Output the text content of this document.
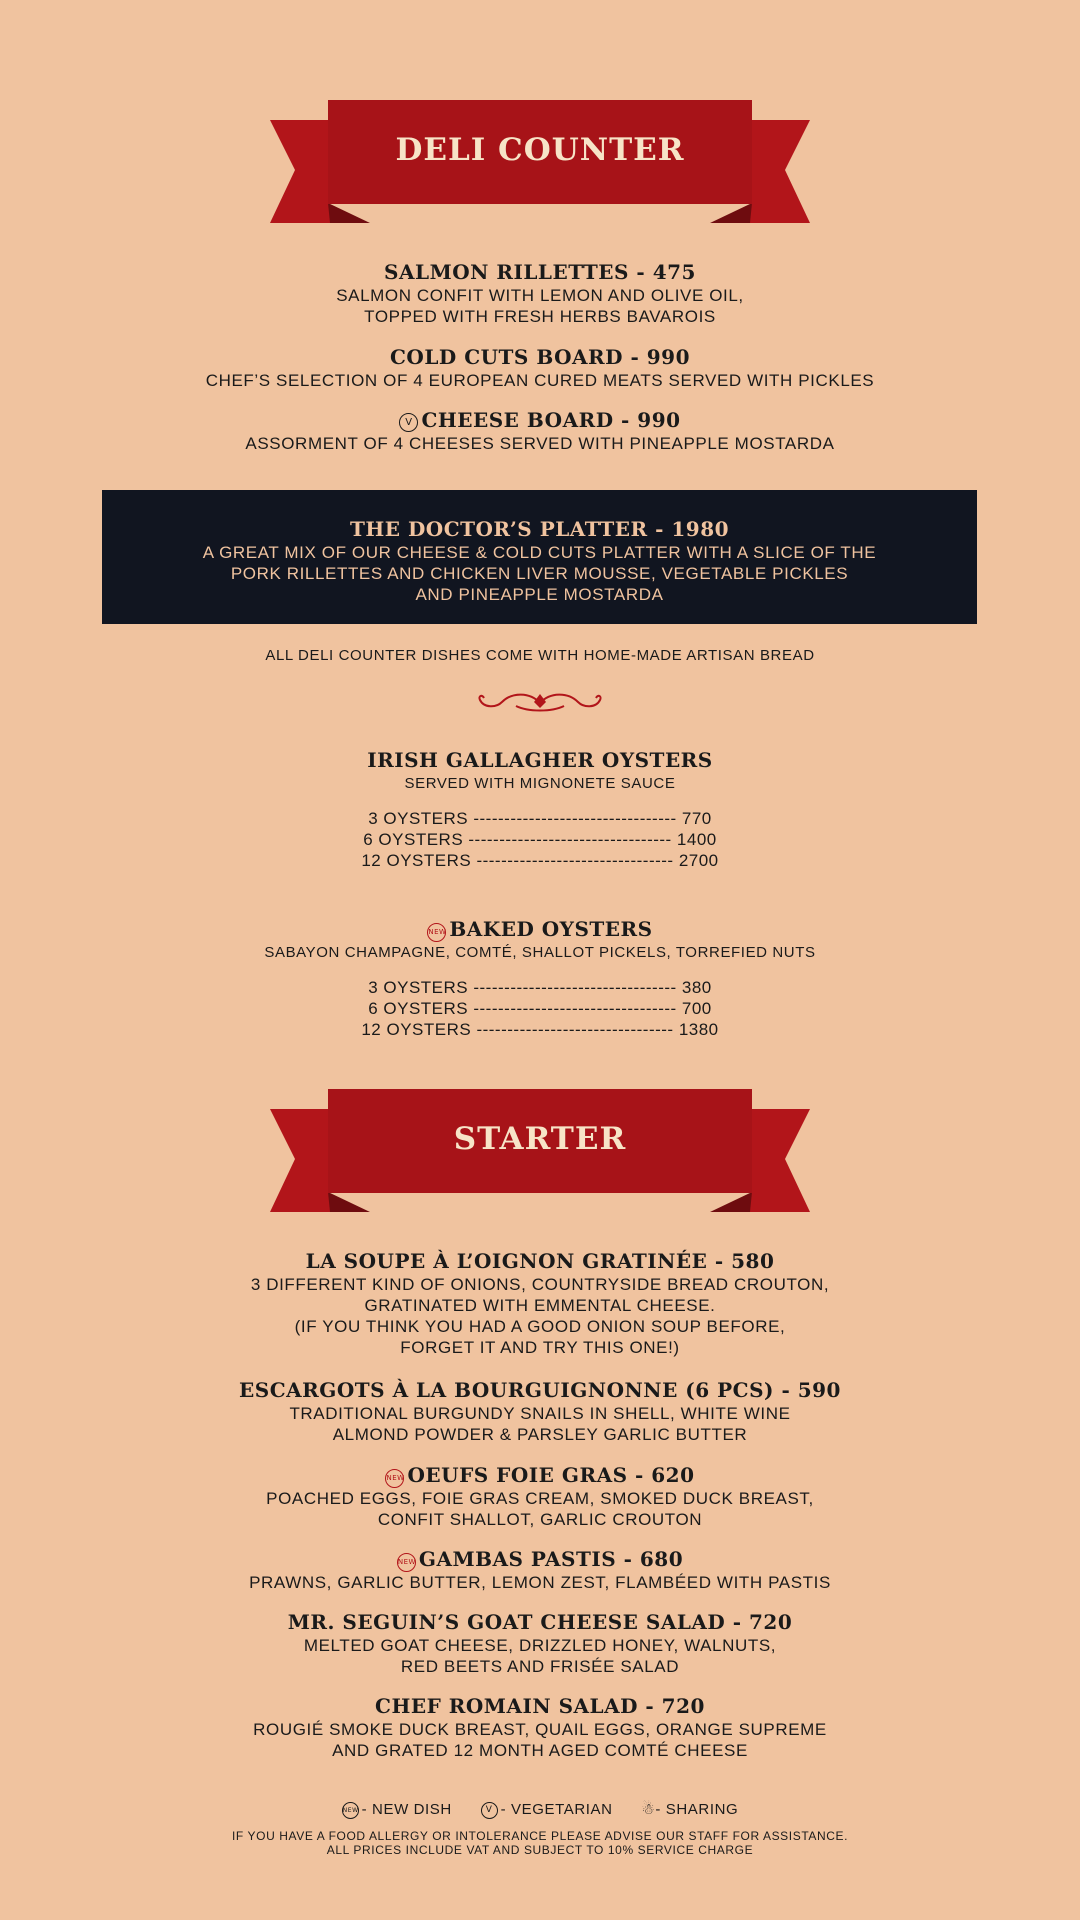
DELI COUNTER
SALMON RILLETTES - 475
SALMON CONFIT WITH LEMON AND OLIVE OIL,
TOPPED WITH FRESH HERBS BAVAROIS
COLD CUTS BOARD - 990
CHEF’S SELECTION OF 4 EUROPEAN CURED MEATS SERVED WITH PICKLES
V CHEESE BOARD - 990
ASSORMENT OF 4 CHEESES SERVED WITH PINEAPPLE MOSTARDA
THE DOCTOR’S PLATTER - 1980
A GREAT MIX OF OUR CHEESE & COLD CUTS PLATTER WITH A SLICE OF THE
PORK RILLETTES AND CHICKEN LIVER MOUSSE, VEGETABLE PICKLES
AND PINEAPPLE MOSTARDA
ALL DELI COUNTER DISHES COME WITH HOME-MADE ARTISAN BREAD
IRISH GALLAGHER OYSTERS
SERVED WITH MIGNONETE SAUCE
3 OYSTERS --------------------------------- 770
6 OYSTERS --------------------------------- 1400
12 OYSTERS -------------------------------- 2700
NEW BAKED OYSTERS
SABAYON CHAMPAGNE, COMTÉ, SHALLOT PICKELS, TORREFIED NUTS
3 OYSTERS --------------------------------- 380
6 OYSTERS --------------------------------- 700
12 OYSTERS -------------------------------- 1380
STARTER
LA SOUPE À L’OIGNON GRATINÉE - 580
3 DIFFERENT KIND OF ONIONS, COUNTRYSIDE BREAD CROUTON,
GRATINATED WITH EMMENTAL CHEESE.
(IF YOU THINK YOU HAD A GOOD ONION SOUP BEFORE,
FORGET IT AND TRY THIS ONE!)
ESCARGOTS À LA BOURGUIGNONNE (6 PCS) - 590
TRADITIONAL BURGUNDY SNAILS IN SHELL, WHITE WINE
ALMOND POWDER & PARSLEY GARLIC BUTTER
NEW OEUFS FOIE GRAS - 620
POACHED EGGS, FOIE GRAS CREAM, SMOKED DUCK BREAST,
CONFIT SHALLOT, GARLIC CROUTON
NEW GAMBAS PASTIS - 680
PRAWNS, GARLIC BUTTER, LEMON ZEST, FLAMBÉED WITH PASTIS
MR. SEGUIN’S GOAT CHEESE SALAD - 720
MELTED GOAT CHEESE, DRIZZLED HONEY, WALNUTS,
RED BEETS AND FRISÉE SALAD
CHEF ROMAIN SALAD - 720
ROUGIÉ SMOKE DUCK BREAST, QUAIL EGGS, ORANGE SUPREME
AND GRATED 12 MONTH AGED COMTÉ CHEESE
NEW - NEW DISH	V - VEGETARIAN ☃- SHARING
IF YOU HAVE A FOOD ALLERGY OR INTOLERANCE PLEASE ADVISE OUR STAFF FOR ASSISTANCE.
ALL PRICES INCLUDE VAT AND SUBJECT TO 10% SERVICE CHARGE
